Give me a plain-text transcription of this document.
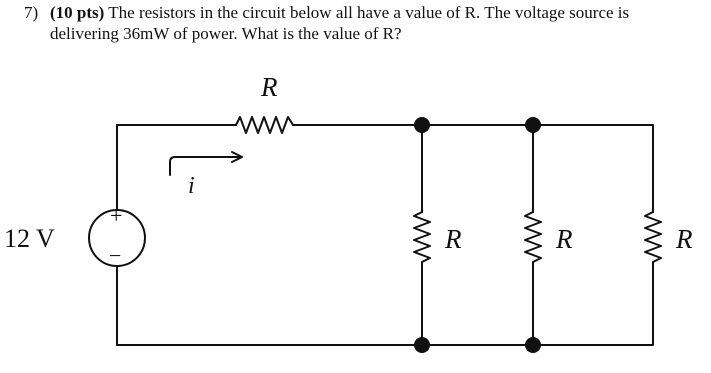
7) (10 pts) The resistors in the circuit below all have a value of R. The voltage source is
delivering 36mW of power. What is the value of R?
R
i
12 V
+
−
R	R	R
